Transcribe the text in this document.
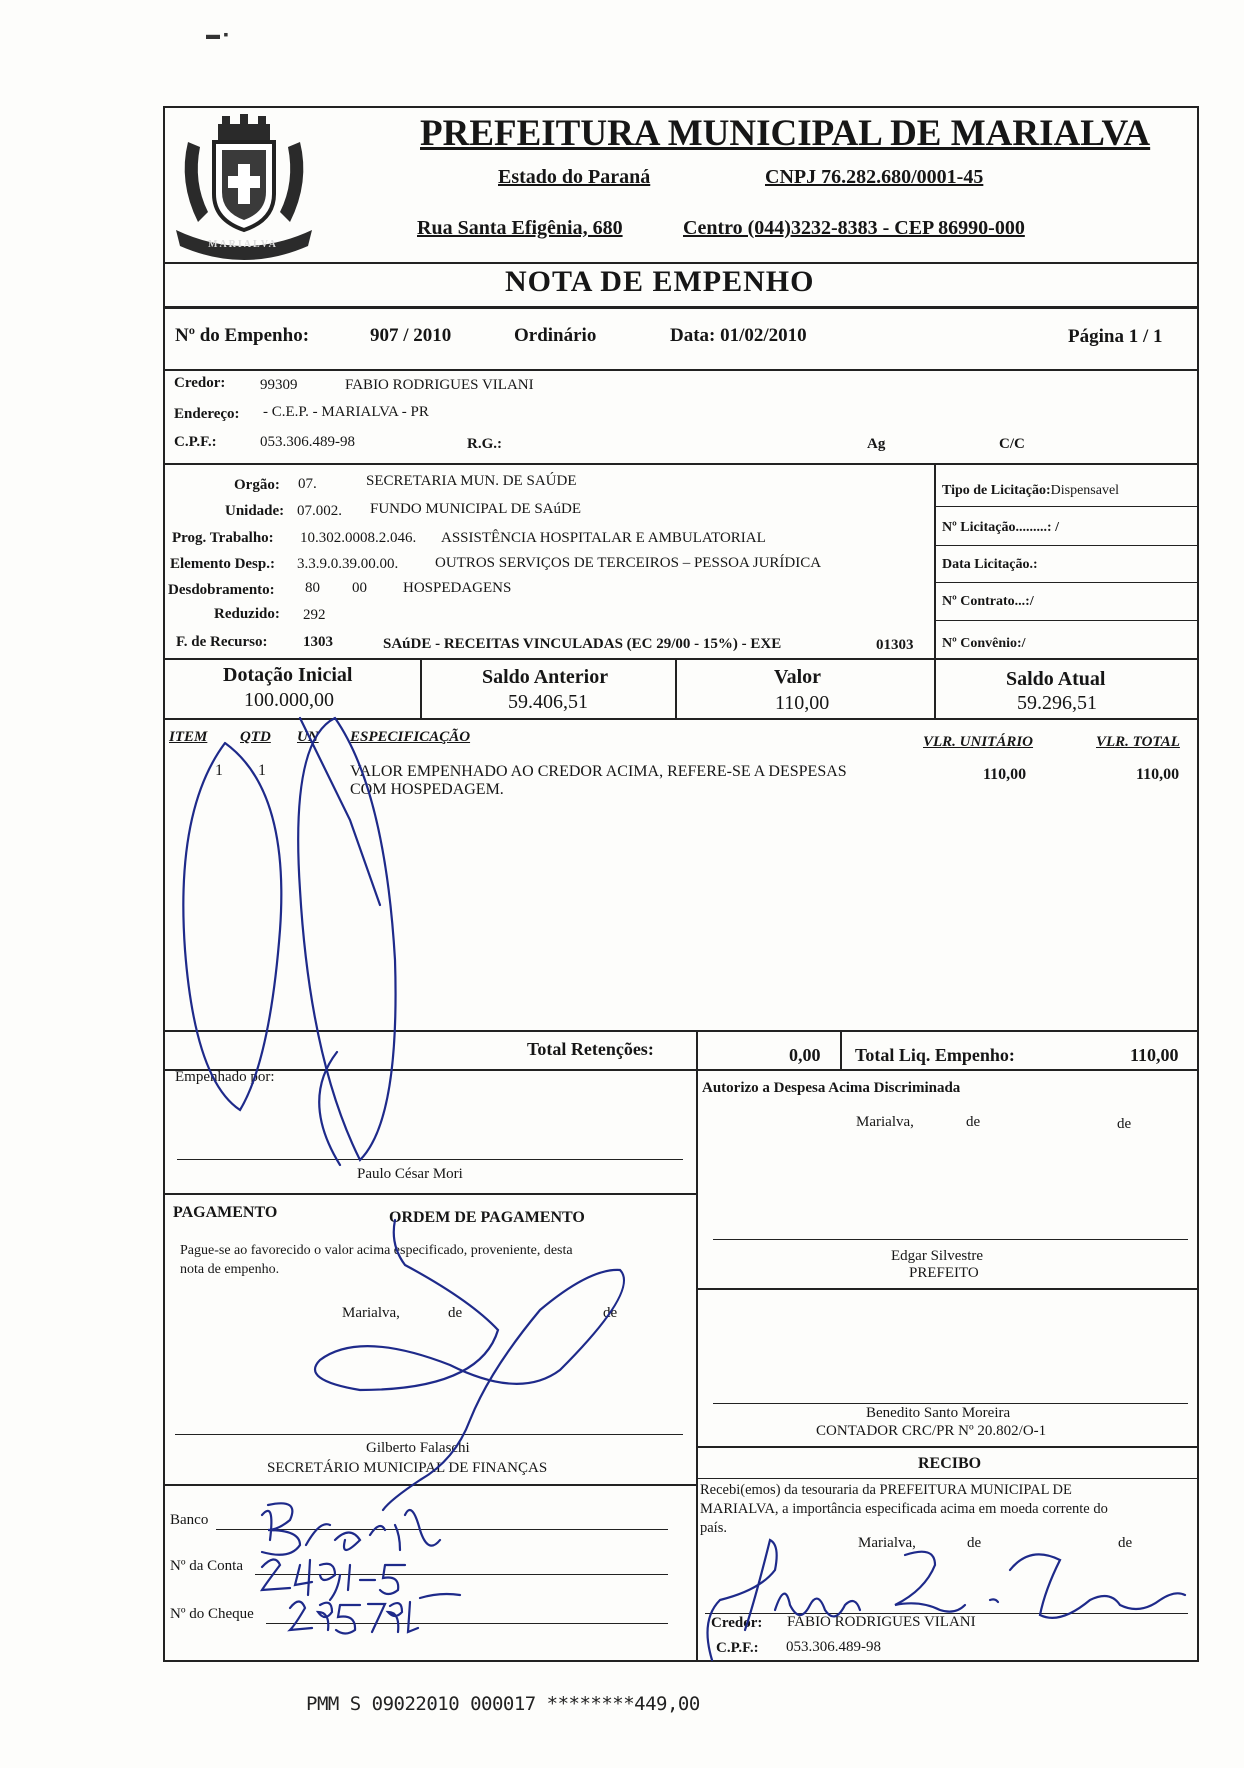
▬ ▪
MARIALVA
PREFEITURA MUNICIPAL DE MARIALVA
Estado do Paraná	CNPJ 76.282.680/0001-45
Rua Santa Efigênia, 680	Centro (044)3232-8383 - CEP 86990-000
NOTA DE EMPENHO
Nº do Empenho:	907 / 2010	Ordinário	Data: 01/02/2010	Página 1 / 1
Credor: 99309	FABIO RODRIGUES VILANI
Endereço: - C.E.P. - MARIALVA - PR
C.P.F.:	053.306.489-98	R.G.:	Ag	C/C
Orgão: 07.	SECRETARIA MUN. DE SAÚDE
Unidade: 07.002. FUNDO MUNICIPAL DE SAúDE
Prog. Trabalho: 10.302.0008.2.046. ASSISTÊNCIA HOSPITALAR E AMBULATORIAL
Elemento Desp.: 3.3.9.0.39.00.00. OUTROS SERVIÇOS DE TERCEIROS – PESSOA JURÍDICA
Desdobramento: 80 00 HOSPEDAGENS
Reduzido: 292
F. de Recurso: 1303	SAúDE - RECEITAS VINCULADAS (EC 29/00 - 15%) - EXE	01303
Tipo de Licitação:Dispensavel
Nº Licitação.........: /
Data Licitação.:
Nº Contrato...:/
Nº Convênio:/
Dotação Inicial
100.000,00
Saldo Anterior
59.406,51
Valor
110,00
Saldo Atual
59.296,51
ITEM QTD UN ESPECIFICAÇÃO	VLR. UNITÁRIO	VLR. TOTAL
1 1	VALOR EMPENHADO AO CREDOR ACIMA, REFERE-SE A DESPESAS
COM HOSPEDAGEM.
110,00	110,00
Total Retenções:	0,00 Total Liq. Empenho:	110,00
Empenhado por:
Paulo César Mori
Autorizo a Despesa Acima Discriminada
Marialva,	de	de
Edgar Silvestre
PREFEITO
PAGAMENTO	ORDEM DE PAGAMENTO
Pague-se ao favorecido o valor acima especificado, proveniente, desta
nota de empenho.
Marialva,	de	de
Gilberto Falaschi
SECRETÁRIO MUNICIPAL DE FINANÇAS
Banco
Nº da Conta
Nº do Cheque
Benedito Santo Moreira
CONTADOR CRC/PR Nº 20.802/O-1
RECIBO
Recebi(emos) da tesouraria da PREFEITURA MUNICIPAL DE
MARIALVA, a importância especificada acima em moeda corrente do
país.
Marialva,	de	de
Credor: FABIO RODRIGUES VILANI
C.P.F.: 053.306.489-98
PMM S 09022010 000017 ********449,00
